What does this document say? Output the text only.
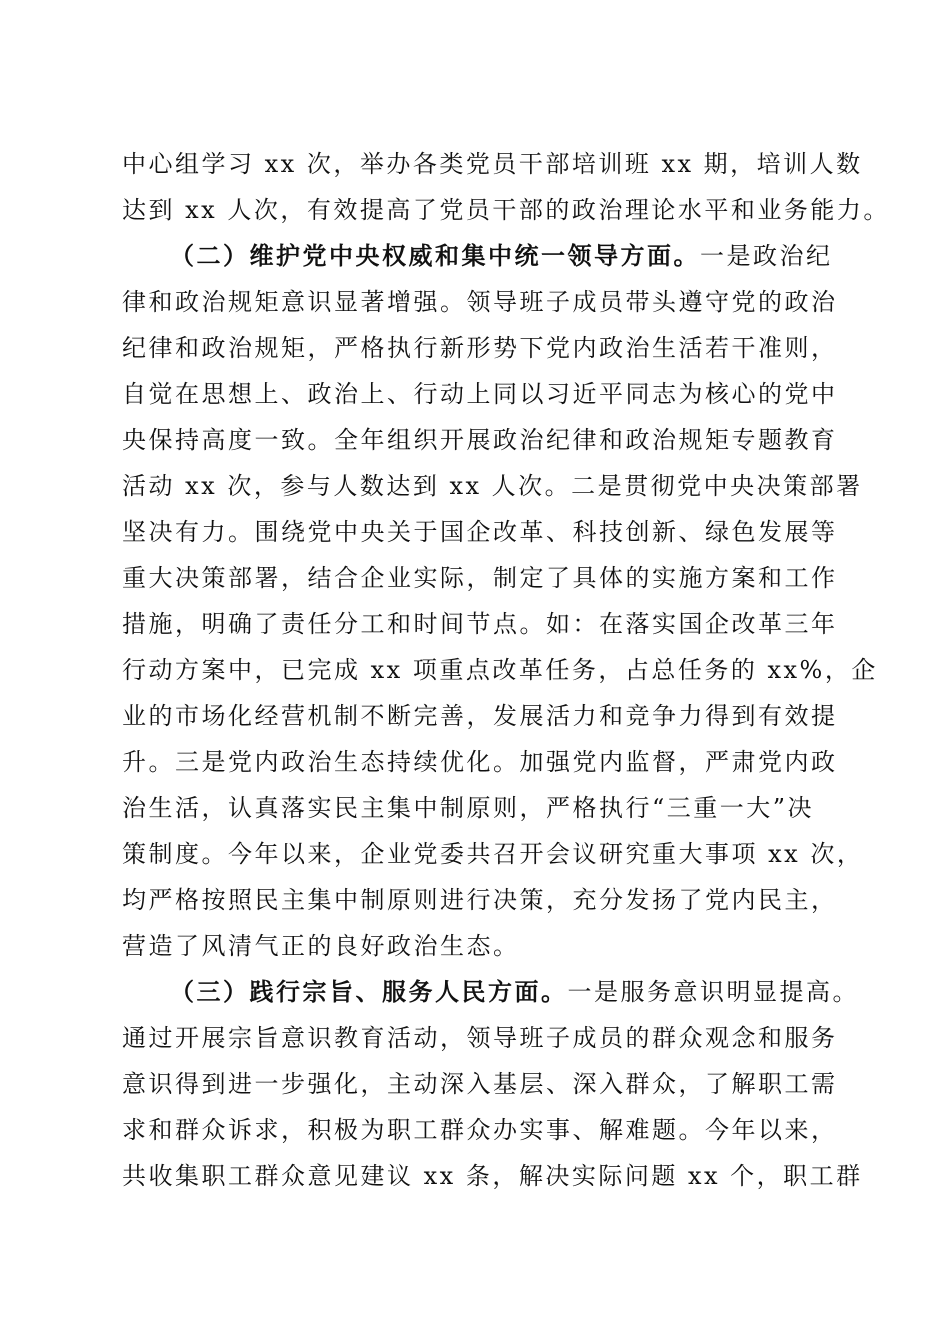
中心组学习 xx 次，举办各类党员干部培训班 xx 期，培训人数
达到 xx 人次，有效提高了党员干部的政治理论水平和业务能力。
（二）维护党中央权威和集中统一领导方面。一是政治纪
律和政治规矩意识显著增强。领导班子成员带头遵守党的政治
纪律和政治规矩，严格执行新形势下党内政治生活若干准则，
自觉在思想上、政治上、行动上同以习近平同志为核心的党中
央保持高度一致。全年组织开展政治纪律和政治规矩专题教育
活动 xx 次，参与人数达到 xx 人次。二是贯彻党中央决策部署
坚决有力。围绕党中央关于国企改革、科技创新、绿色发展等
重大决策部署，结合企业实际，制定了具体的实施方案和工作
措施，明确了责任分工和时间节点。如：在落实国企改革三年
行动方案中，已完成 xx 项重点改革任务，占总任务的 xx%，企
业的市场化经营机制不断完善，发展活力和竞争力得到有效提
升。三是党内政治生态持续优化。加强党内监督，严肃党内政
治生活，认真落实民主集中制原则，严格执行“三重一大”决
策制度。今年以来，企业党委共召开会议研究重大事项 xx 次，
均严格按照民主集中制原则进行决策，充分发扬了党内民主，
营造了风清气正的良好政治生态。
（三）践行宗旨、服务人民方面。一是服务意识明显提高。
通过开展宗旨意识教育活动，领导班子成员的群众观念和服务
意识得到进一步强化，主动深入基层、深入群众，了解职工需
求和群众诉求，积极为职工群众办实事、解难题。今年以来，
共收集职工群众意见建议 xx 条，解决实际问题 xx 个，职工群
